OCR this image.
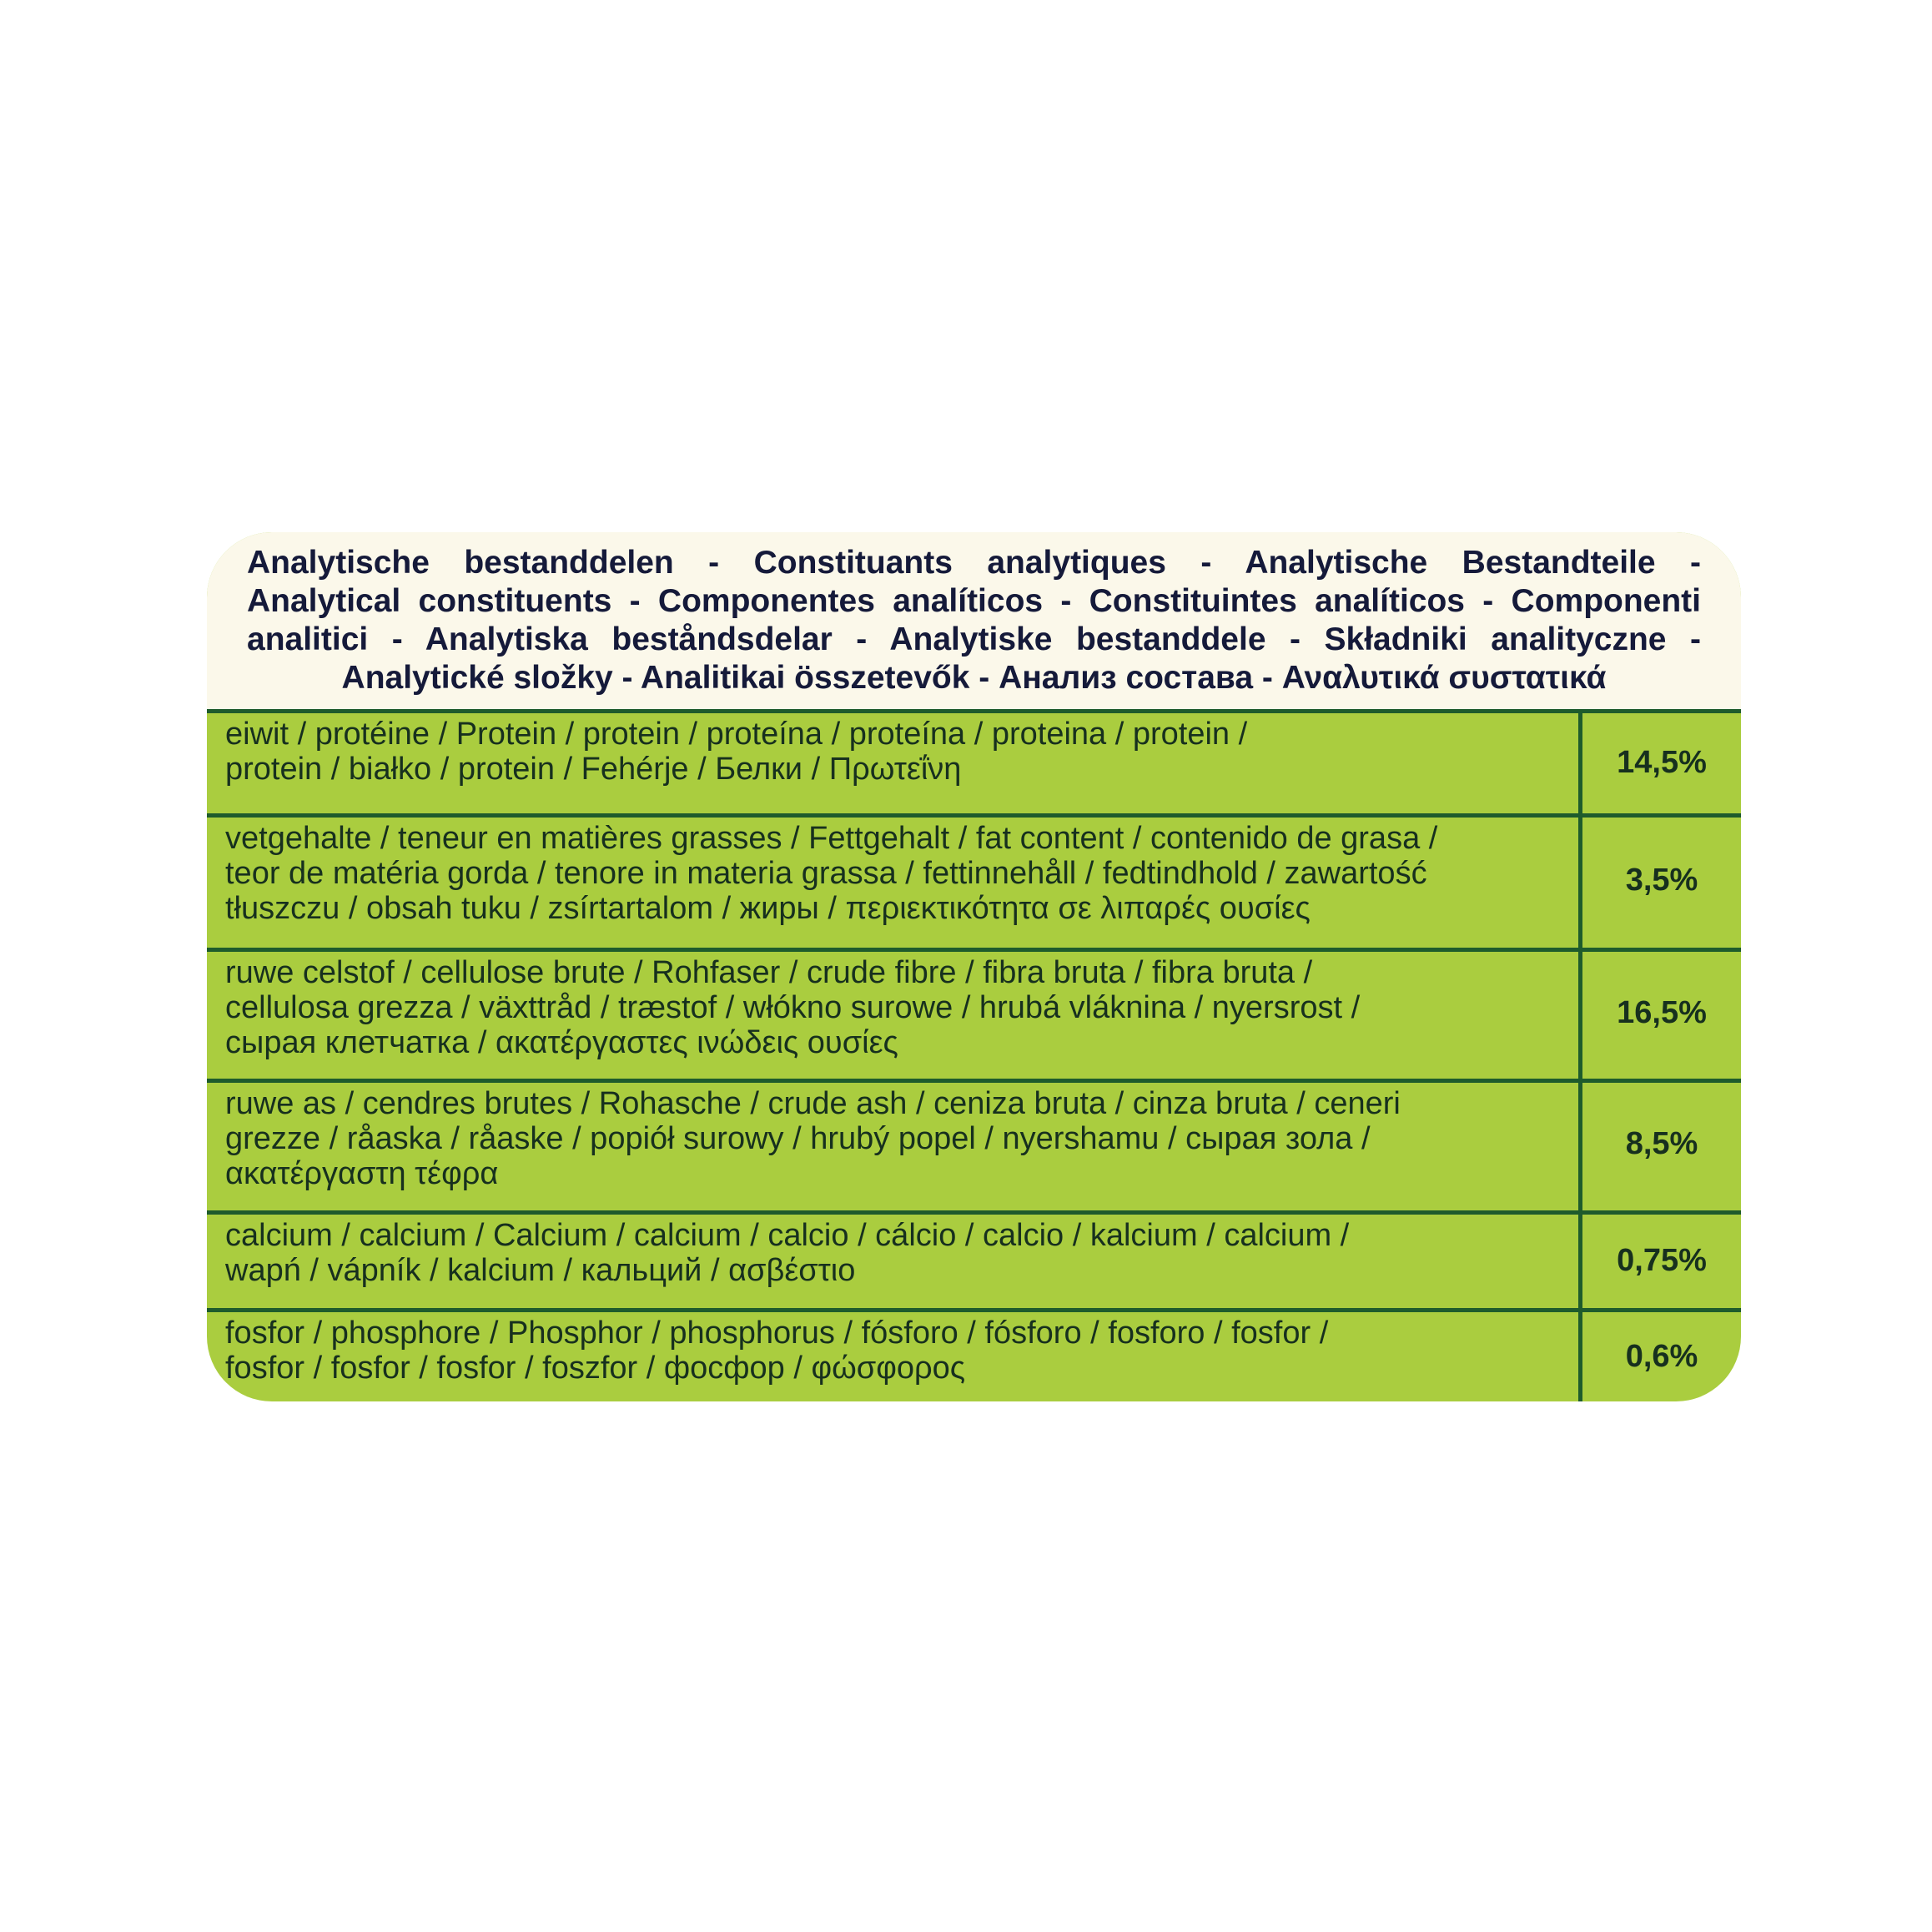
Analytische bestanddelen - Constituants analytiques - Analytische Bestandteile -
Analytical constituents - Componentes analíticos - Constituintes analíticos - Componenti
analitici - Analytiska beståndsdelar - Analytiske bestanddele - Składniki analityczne -
Analytické složky - Analitikai összetevők - Анализ состава - Αναλυτικά συστατικά
eiwit / protéine / Protein / protein / proteína / proteína / proteina / protein /
protein / białko / protein / Fehérje / Белки / Πρωτεΐνη	14,5%
vetgehalte / teneur en matières grasses / Fettgehalt / fat content / contenido de grasa /
teor de matéria gorda / tenore in materia grassa / fettinnehåll / fedtindhold / zawartość
tłuszczu / obsah tuku / zsírtartalom / жиры / περιεκτικότητα σε λιπαρές ουσίες
3,5%
ruwe celstof / cellulose brute / Rohfaser / crude fibre / fibra bruta / fibra bruta /
cellulosa grezza / växttråd / træstof / włókno surowe / hrubá vláknina / nyersrost /
сырая клетчатка / ακατέργαστες ινώδεις ουσίες
16,5%
ruwe as / cendres brutes / Rohasche / crude ash / ceniza bruta / cinza bruta / ceneri
grezze / råaska / råaske / popiół surowy / hrubý popel / nyershamu / сырая зола /
ακατέργαστη τέφρα
8,5%
calcium / calcium / Calcium / calcium / calcio / cálcio / calcio / kalcium / calcium /
wapń / vápník / kalcium / кальций / ασβέστιο	0,75%
fosfor / phosphore / Phosphor / phosphorus / fósforo / fósforo / fosforo / fosfor /
fosfor / fosfor / fosfor / foszfor / фосфор / φώσφορος	0,6%
